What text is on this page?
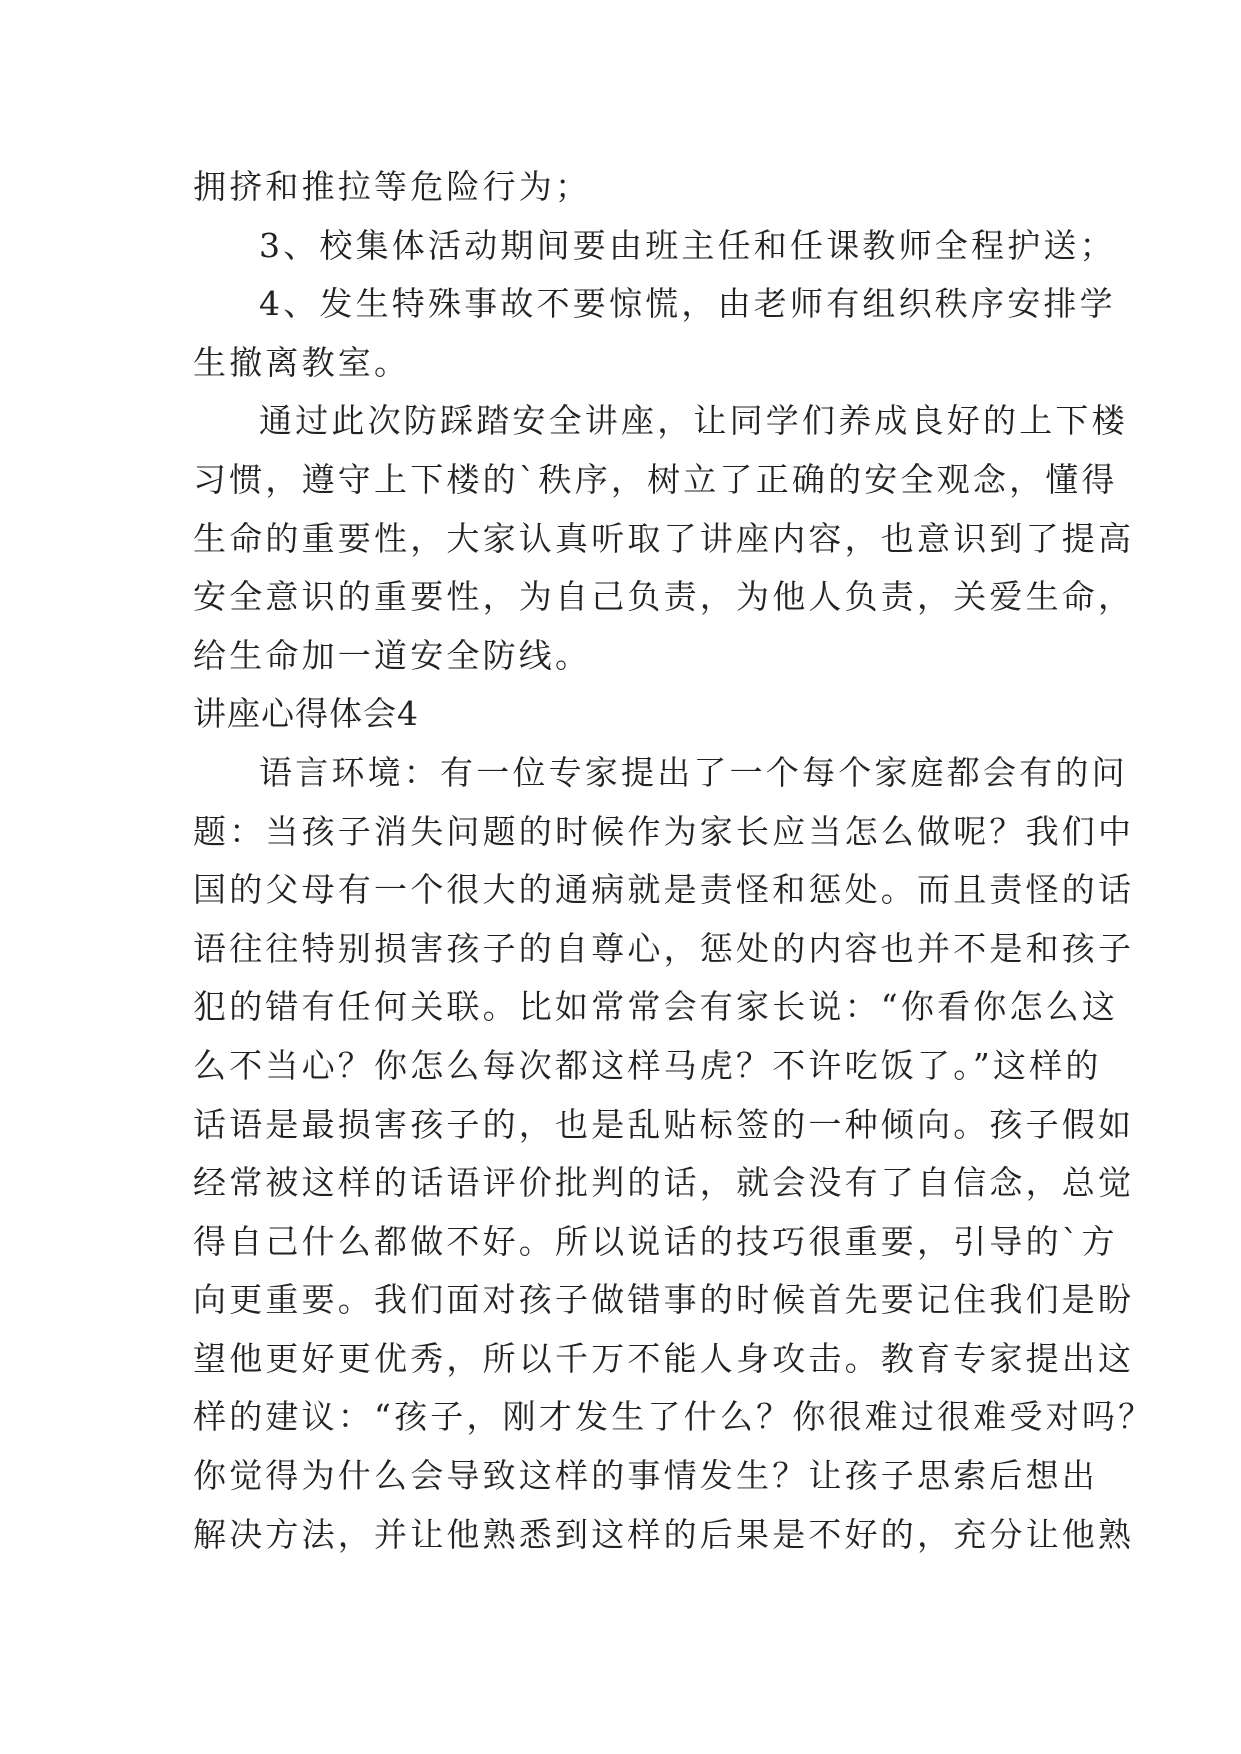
拥挤和推拉等危险行为；
3、校集体活动期间要由班主任和任课教师全程护送；
4、发生特殊事故不要惊慌，由老师有组织秩序安排学
生撤离教室。
通过此次防踩踏安全讲座，让同学们养成良好的上下楼
习惯，遵守上下楼的`秩序，树立了正确的安全观念，懂得
生命的重要性，大家认真听取了讲座内容，也意识到了提高
安全意识的重要性，为自己负责，为他人负责，关爱生命，
给生命加一道安全防线。
讲座心得体会4
语言环境：有一位专家提出了一个每个家庭都会有的问
题：当孩子消失问题的时候作为家长应当怎么做呢？我们中
国的父母有一个很大的通病就是责怪和惩处。而且责怪的话
语往往特别损害孩子的自尊心，惩处的内容也并不是和孩子
犯的错有任何关联。比如常常会有家长说：“你看你怎么这
么不当心？你怎么每次都这样马虎？不许吃饭了。”这样的
话语是最损害孩子的，也是乱贴标签的一种倾向。孩子假如
经常被这样的话语评价批判的话，就会没有了自信念，总觉
得自己什么都做不好。所以说话的技巧很重要，引导的`方
向更重要。我们面对孩子做错事的时候首先要记住我们是盼
望他更好更优秀，所以千万不能人身攻击。教育专家提出这
样的建议：“孩子，刚才发生了什么？你很难过很难受对吗？
你觉得为什么会导致这样的事情发生？让孩子思索后想出
解决方法，并让他熟悉到这样的后果是不好的，充分让他熟
